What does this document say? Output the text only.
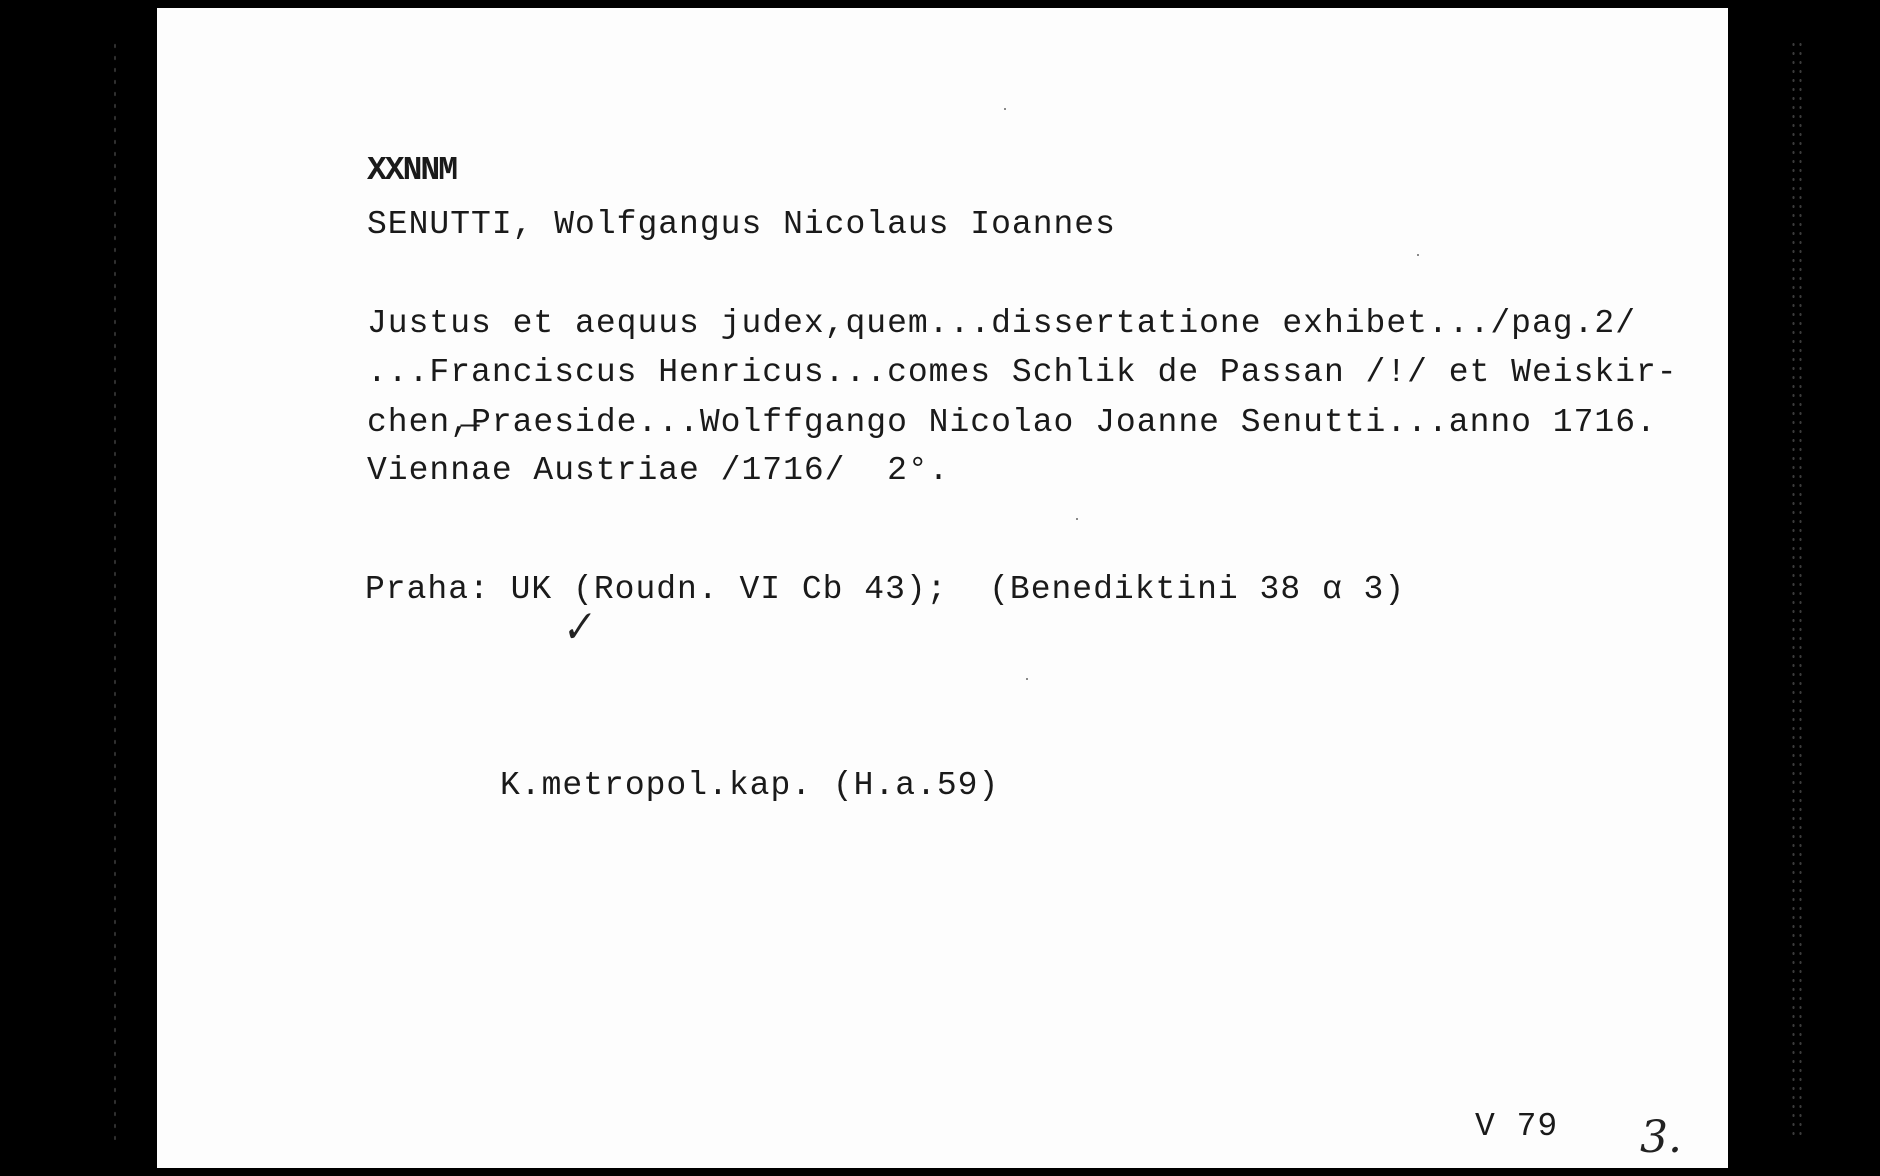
XXNNM
SENUTTI, Wolfgangus Nicolaus Ioannes
Justus et aequus judex,quem...dissertatione exhibet.../pag.2/
...Franciscus Henricus...comes Schlik de Passan /!/ et Weiskir-
chen,̶Praeside...Wolffgango Nicolao Joanne Senutti...anno 1716.
Viennae Austriae /1716/  2°.
Praha: UK (Roudn. VI Cb 43);  (Benediktini 38 α 3)
✓
K.metropol.kap. (H.a.59)
V 79 3.
